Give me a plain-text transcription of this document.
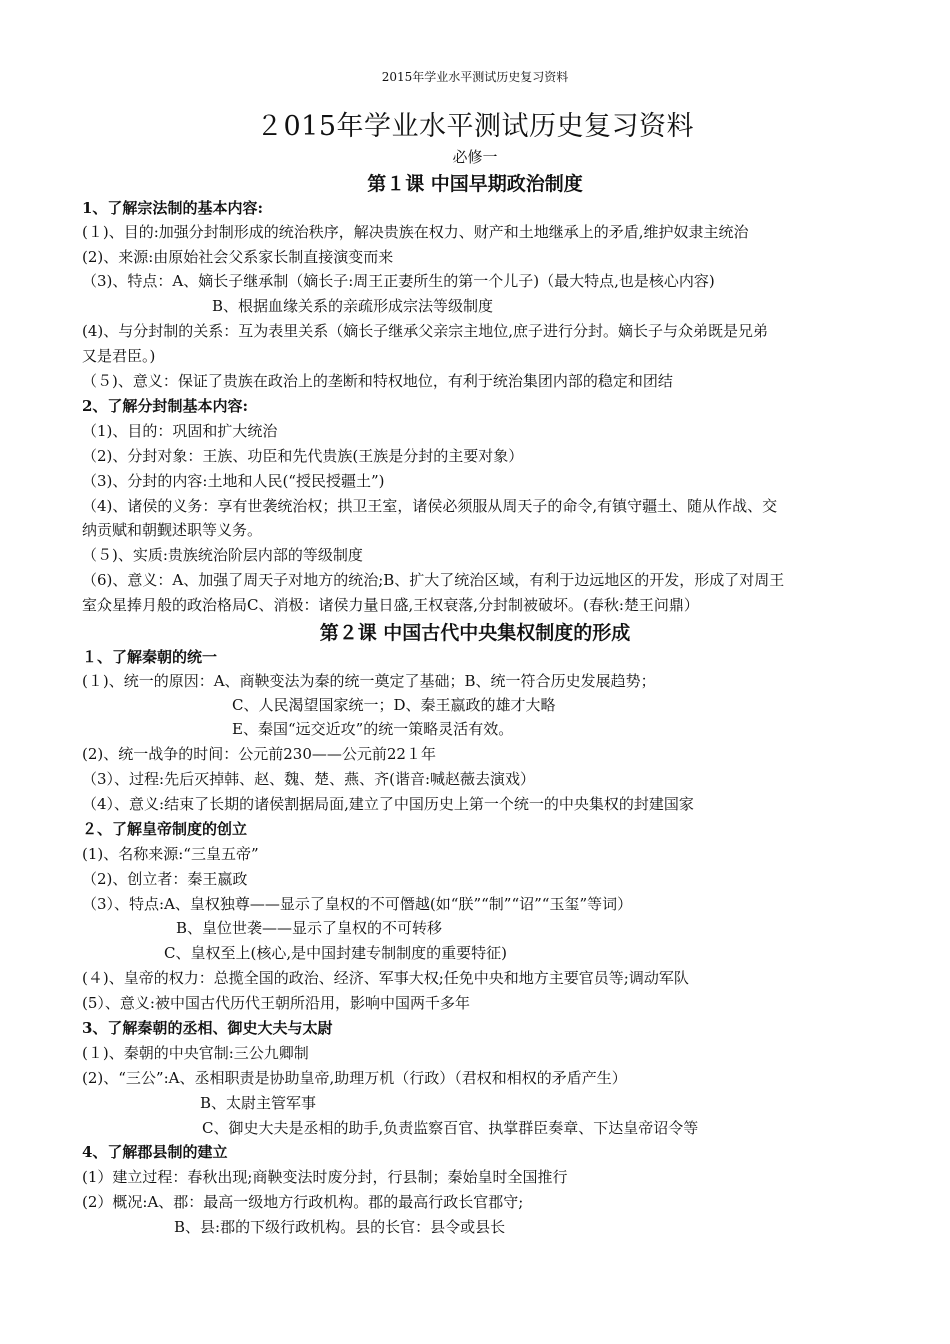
2015年学业水平测试历史复习资料
２015年学业水平测试历史复习资料
必修一
第１课 中国早期政治制度
1、了解宗法制的基本内容:
(１)、目的:加强分封制形成的统治秩序，解决贵族在权力、财产和土地继承上的矛盾,维护奴隶主统治
(2)、来源:由原始社会父系家长制直接演变而来
（3)、特点：A、嫡长子继承制（嫡长子:周王正妻所生的第一个儿子)（最大特点,也是核心内容)
B、根据血缘关系的亲疏形成宗法等级制度
(4)、与分封制的关系：互为表里关系（嫡长子继承父亲宗主地位,庶子进行分封。嫡长子与众弟既是兄弟
又是君臣。)
（５)、意义：保证了贵族在政治上的垄断和特权地位，有利于统治集团内部的稳定和团结
2、了解分封制基本内容:
（1)、目的：巩固和扩大统治
（2)、分封对象：王族、功臣和先代贵族(王族是分封的主要对象）
（3)、分封的内容:土地和人民(“授民授疆土”)
（4)、诸侯的义务：享有世袭统治权；拱卫王室，诸侯必须服从周天子的命令,有镇守疆土、随从作战、交
纳贡赋和朝觐述职等义务。
（５)、实质:贵族统治阶层内部的等级制度
（6)、意义：A、加强了周天子对地方的统治;B、扩大了统治区域，有利于边远地区的开发，形成了对周王
室众星捧月般的政治格局C、消极：诸侯力量日盛,王权衰落,分封制被破坏。(春秋:楚王问鼎）
第２课 中国古代中央集权制度的形成
１、了解秦朝的统一
(１)、统一的原因：A、商鞅变法为秦的统一奠定了基础；B、统一符合历史发展趋势；
C、人民渴望国家统一；D、秦王嬴政的雄才大略
E、秦国“远交近攻”的统一策略灵活有效。
(2)、统一战争的时间：公元前230——公元前22１年
（3）、过程:先后灭掉韩、赵、魏、楚、燕、齐(谐音:喊赵薇去演戏）
（4）、意义:结束了长期的诸侯割据局面,建立了中国历史上第一个统一的中央集权的封建国家
２、了解皇帝制度的创立
(1)、名称来源:“三皇五帝”
（2)、创立者：秦王嬴政
（3）、特点:A、皇权独尊——显示了皇权的不可僭越(如“朕”“制”“诏”“玉玺”等词）
B、皇位世袭——显示了皇权的不可转移
C、皇权至上(核心,是中国封建专制制度的重要特征)
(４)、皇帝的权力：总揽全国的政治、经济、军事大权;任免中央和地方主要官员等;调动军队
(5）、意义:被中国古代历代王朝所沿用，影响中国两千多年
3、了解秦朝的丞相、御史大夫与太尉
(１)、秦朝的中央官制:三公九卿制
(2)、“三公”:A、丞相职责是协助皇帝,助理万机（行政）（君权和相权的矛盾产生）
B、太尉主管军事
C、御史大夫是丞相的助手,负责监察百官、执掌群臣奏章、下达皇帝诏令等
4、了解郡县制的建立
(1）建立过程：春秋出现;商鞅变法时废分封，行县制；秦始皇时全国推行
(2）概况:A、郡：最高一级地方行政机构。郡的最高行政长官郡守;
B、县:郡的下级行政机构。县的长官：县令或县长
